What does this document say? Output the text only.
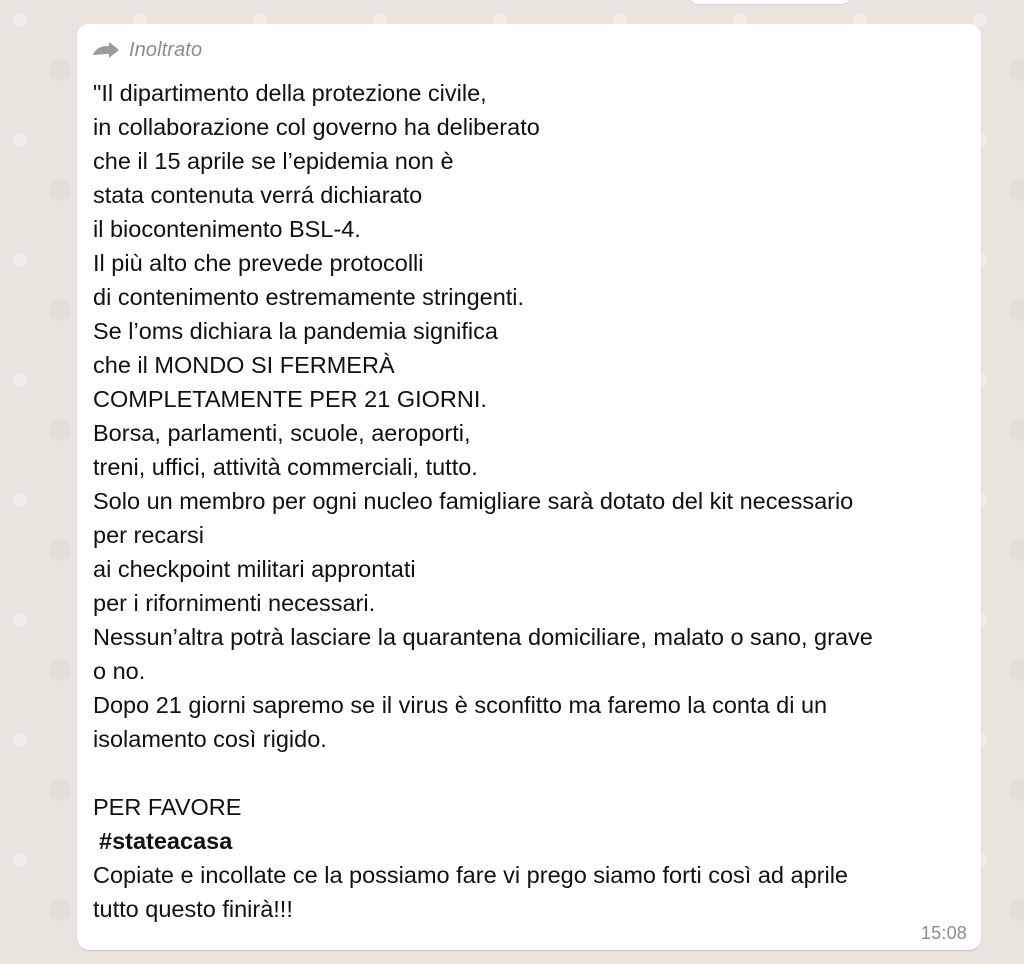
Inoltrato
"Il dipartimento della protezione civile,
in collaborazione col governo ha deliberato
che il 15 aprile se l’epidemia non è
stata contenuta verrá dichiarato
il biocontenimento BSL-4.
Il più alto che prevede protocolli
di contenimento estremamente stringenti.
Se l’oms dichiara la pandemia significa
che il MONDO SI FERMERÀ
COMPLETAMENTE PER 21 GIORNI.
Borsa, parlamenti, scuole, aeroporti,
treni, uffici, attività commerciali, tutto.
Solo un membro per ogni nucleo famigliare sarà dotato del kit necessario
per recarsi
ai checkpoint militari approntati
per i rifornimenti necessari.
Nessun’altra potrà lasciare la quarantena domiciliare, malato o sano, grave
o no.
Dopo 21 giorni sapremo se il virus è sconfitto ma faremo la conta di un
isolamento così rigido.
PER FAVORE
#stateacasa
Copiate e incollate ce la possiamo fare vi prego siamo forti così ad aprile
tutto questo finirà!!!
15:08
